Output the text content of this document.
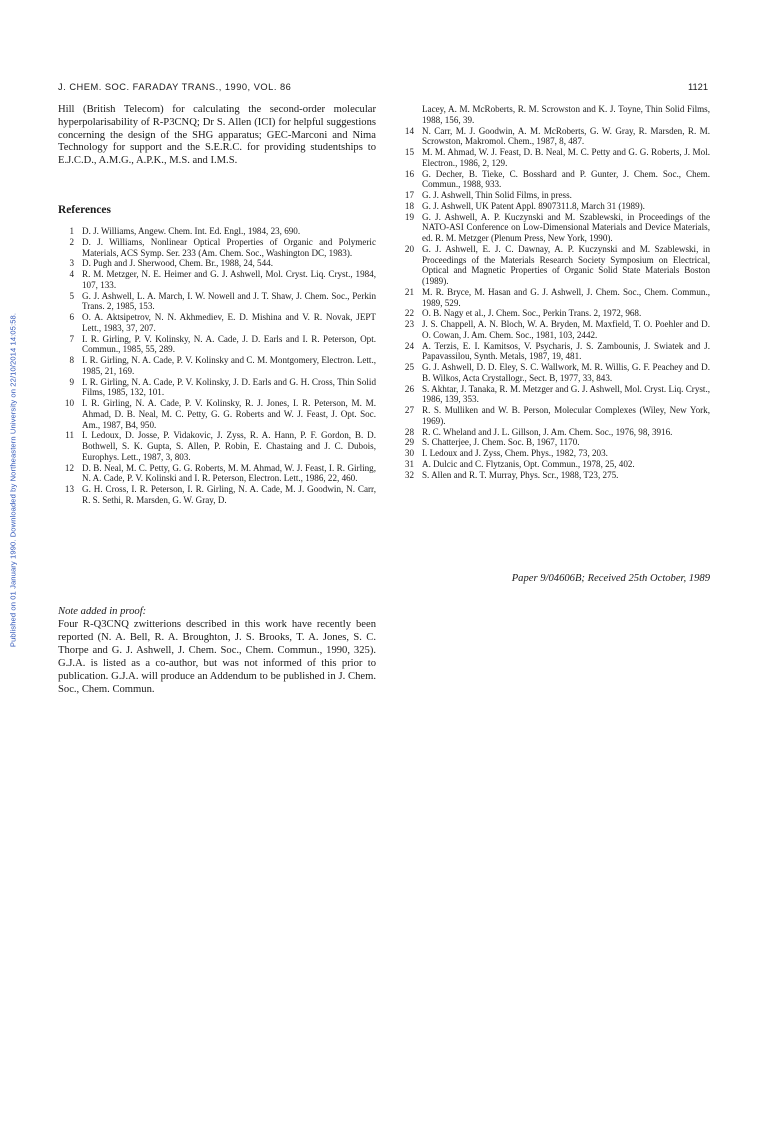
Published on 01 January 1990. Downloaded by Northeastern University on 22/10/2014 14:05:58.
J. CHEM. SOC. FARADAY TRANS., 1990, VOL. 86	1121

Hill (British Telecom) for calculating the second-order molecular hyperpolarisability of R-P3CNQ; Dr S. Allen (ICI) for helpful suggestions concerning the design of the SHG apparatus; GEC-Marconi and Nima Technology for support and the S.E.R.C. for providing studentships to E.J.C.D., A.M.G., A.P.K., M.S. and I.M.S.

References
1 D. J. Williams, Angew. Chem. Int. Ed. Engl., 1984, 23, 690.
2 D. J. Williams, Nonlinear Optical Properties of Organic and Polymeric Materials, ACS Symp. Ser. 233 (Am. Chem. Soc., Washington DC, 1983).
3 D. Pugh and J. Sherwood, Chem. Br., 1988, 24, 544.
4 R. M. Metzger, N. E. Heimer and G. J. Ashwell, Mol. Cryst. Liq. Cryst., 1984, 107, 133.
5 G. J. Ashwell, L. A. March, I. W. Nowell and J. T. Shaw, J. Chem. Soc., Perkin Trans. 2, 1985, 153.
6 O. A. Aktsipetrov, N. N. Akhmediev, E. D. Mishina and V. R. Novak, JEPT Lett., 1983, 37, 207.
7 I. R. Girling, P. V. Kolinsky, N. A. Cade, J. D. Earls and I. R. Peterson, Opt. Commun., 1985, 55, 289.
8 I. R. Girling, N. A. Cade, P. V. Kolinsky and C. M. Montgomery, Electron. Lett., 1985, 21, 169.
9 I. R. Girling, N. A. Cade, P. V. Kolinsky, J. D. Earls and G. H. Cross, Thin Solid Films, 1985, 132, 101.
10 I. R. Girling, N. A. Cade, P. V. Kolinsky, R. J. Jones, I. R. Peterson, M. M. Ahmad, D. B. Neal, M. C. Petty, G. G. Roberts and W. J. Feast, J. Opt. Soc. Am., 1987, B4, 950.
11 I. Ledoux, D. Josse, P. Vidakovic, J. Zyss, R. A. Hann, P. F. Gordon, B. D. Bothwell, S. K. Gupta, S. Allen, P. Robin, E. Chastaing and J. C. Dubois, Europhys. Lett., 1987, 3, 803.
12 D. B. Neal, M. C. Petty, G. G. Roberts, M. M. Ahmad, W. J. Feast, I. R. Girling, N. A. Cade, P. V. Kolinski and I. R. Peterson, Electron. Lett., 1986, 22, 460.
13 G. H. Cross, I. R. Peterson, I. R. Girling, N. A. Cade, M. J. Goodwin, N. Carr, R. S. Sethi, R. Marsden, G. W. Gray, D.
Lacey, A. M. McRoberts, R. M. Scrowston and K. J. Toyne, Thin Solid Films, 1988, 156, 39.
14 N. Carr, M. J. Goodwin, A. M. McRoberts, G. W. Gray, R. Marsden, R. M. Scrowston, Makromol. Chem., 1987, 8, 487.
15 M. M. Ahmad, W. J. Feast, D. B. Neal, M. C. Petty and G. G. Roberts, J. Mol. Electron., 1986, 2, 129.
16 G. Decher, B. Tieke, C. Bosshard and P. Gunter, J. Chem. Soc., Chem. Commun., 1988, 933.
17 G. J. Ashwell, Thin Solid Films, in press.
18 G. J. Ashwell, UK Patent Appl. 8907311.8, March 31 (1989).
19 G. J. Ashwell, A. P. Kuczynski and M. Szablewski, in Proceedings of the NATO-ASI Conference on Low-Dimensional Materials and Device Materials, ed. R. M. Metzger (Plenum Press, New York, 1990).
20 G. J. Ashwell, E. J. C. Dawnay, A. P. Kuczynski and M. Szablewski, in Proceedings of the Materials Research Society Symposium on Electrical, Optical and Magnetic Properties of Organic Solid State Materials Boston (1989).
21 M. R. Bryce, M. Hasan and G. J. Ashwell, J. Chem. Soc., Chem. Commun., 1989, 529.
22 O. B. Nagy et al., J. Chem. Soc., Perkin Trans. 2, 1972, 968.
23 J. S. Chappell, A. N. Bloch, W. A. Bryden, M. Maxfield, T. O. Poehler and D. O. Cowan, J. Am. Chem. Soc., 1981, 103, 2442.
24 A. Terzis, E. I. Kamitsos, V. Psycharis, J. S. Zambounis, J. Swiatek and J. Papavassilou, Synth. Metals, 1987, 19, 481.
25 G. J. Ashwell, D. D. Eley, S. C. Wallwork, M. R. Willis, G. F. Peachey and D. B. Wilkos, Acta Crystallogr., Sect. B, 1977, 33, 843.
26 S. Akhtar, J. Tanaka, R. M. Metzger and G. J. Ashwell, Mol. Cryst. Liq. Cryst., 1986, 139, 353.
27 R. S. Mulliken and W. B. Person, Molecular Complexes (Wiley, New York, 1969).
28 R. C. Wheland and J. L. Gillson, J. Am. Chem. Soc., 1976, 98, 3916.
29 S. Chatterjee, J. Chem. Soc. B, 1967, 1170.
30 I. Ledoux and J. Zyss, Chem. Phys., 1982, 73, 203.
31 A. Dulcic and C. Flytzanis, Opt. Commun., 1978, 25, 402.
32 S. Allen and R. T. Murray, Phys. Scr., 1988, T23, 275.
Paper 9/04606B; Received 25th October, 1989

Note added in proof:

Four R-Q3CNQ zwitterions described in this work have recently been reported (N. A. Bell, R. A. Broughton, J. S. Brooks, T. A. Jones, S. C. Thorpe and G. J. Ashwell, J. Chem. Soc., Chem. Commun., 1990, 325). G.J.A. is listed as a co-author, but was not informed of this prior to publication. G.J.A. will produce an Addendum to be published in J. Chem. Soc., Chem. Commun.
